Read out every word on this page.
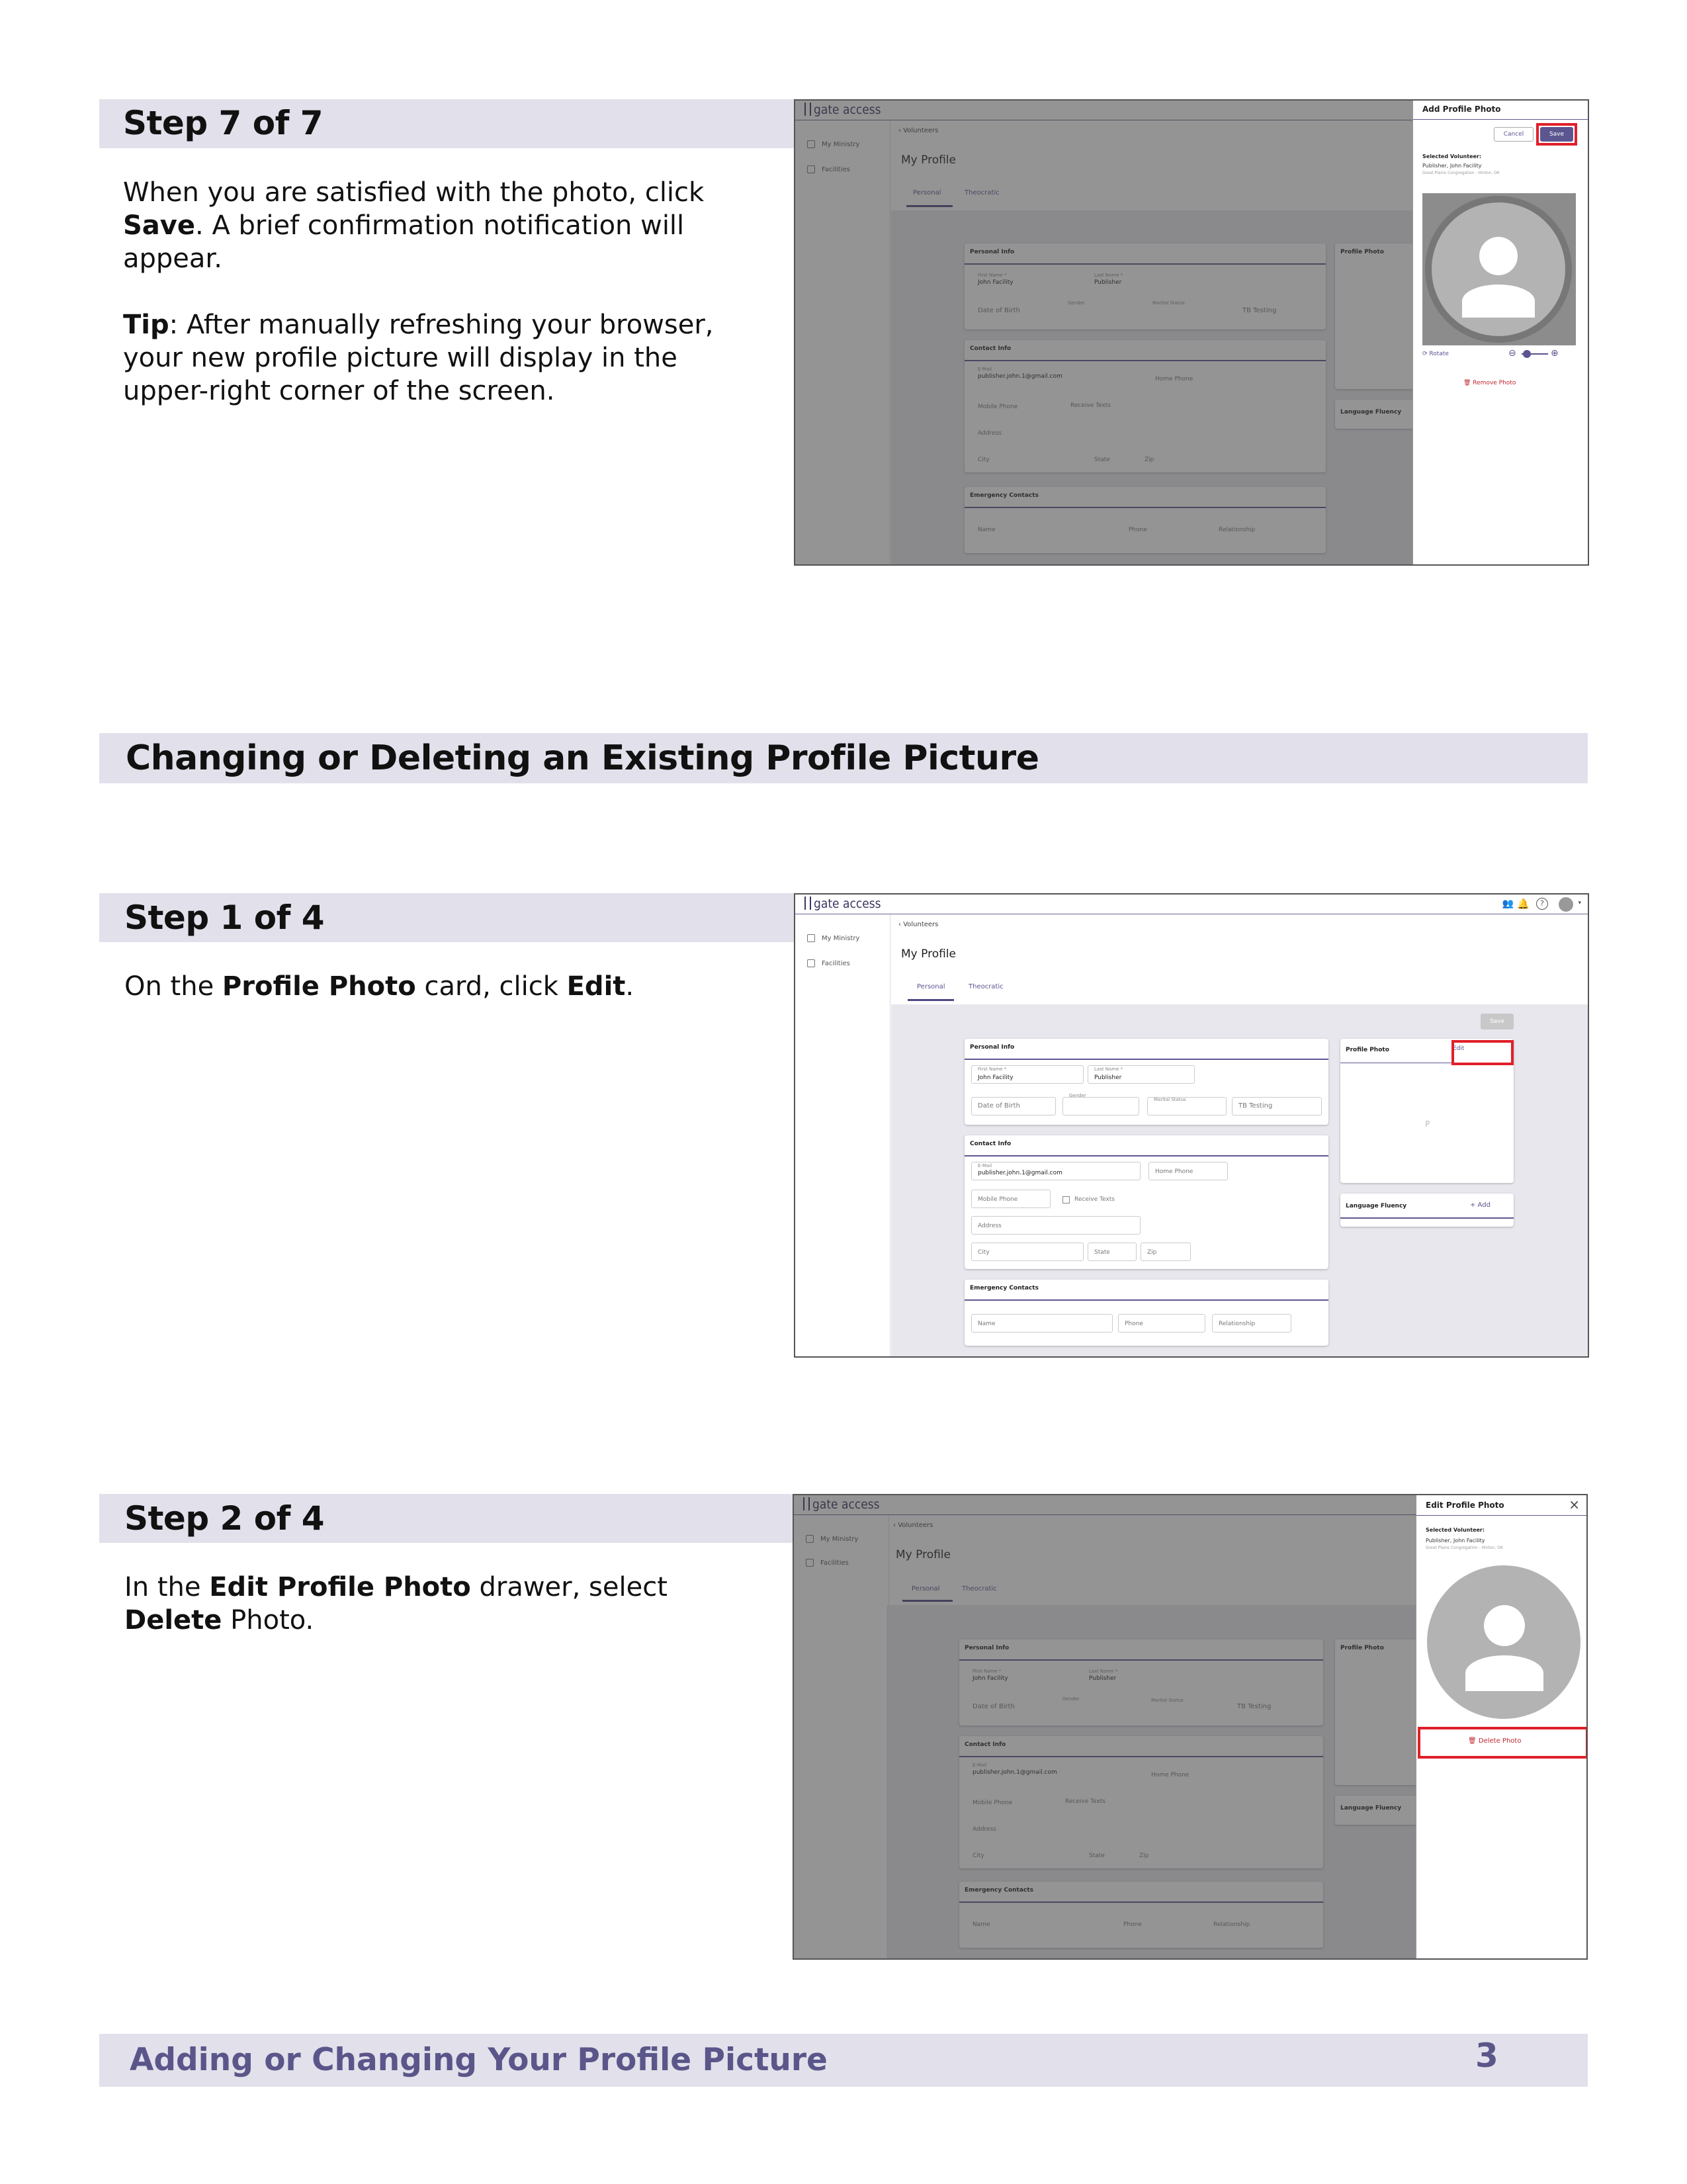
Step 7 of 7
When you are satisfied with the photo, click Save. A brief confirmation notification will appear.
Tip: After manually refreshing your browser, your new profile picture will display in the upper-right corner of the screen.
Add Profile Photo
Cancel	Save
Selected Volunteer:
Publisher, John Facility
Great Plains Congregation - Hinton, OK
⟳ Rotate	⊖	⊕
🗑 Remove Photo
Changing or Deleting an Existing Profile Picture
Step 1 of 4
On the Profile Photo card, click Edit.
gate access	👥 🔔	?	▾
My Ministry
Facilities
‹ Volunteers
My Profile
Personal	Theocratic
Save
Personal Info
First Name *
John Facility
Last Name *
Publisher
Date of Birth
Gender
Marital Status
TB Testing
Contact Info
E-Mail
publisher.john.1@gmail.com	Home Phone
Mobile Phone	Receive Texts
Address
City	State	Zip
Emergency Contacts
Name	Phone	Relationship
Profile Photo	Edit
P
Language Fluency	+ Add
Step 2 of 4
In the Edit Profile Photo drawer, select Delete Photo.
Edit Profile Photo	×
Selected Volunteer:
Publisher, John Facility
Great Plains Congregation - Hinton, OK
🗑 Delete Photo
Adding or Changing Your Profile Picture	3
